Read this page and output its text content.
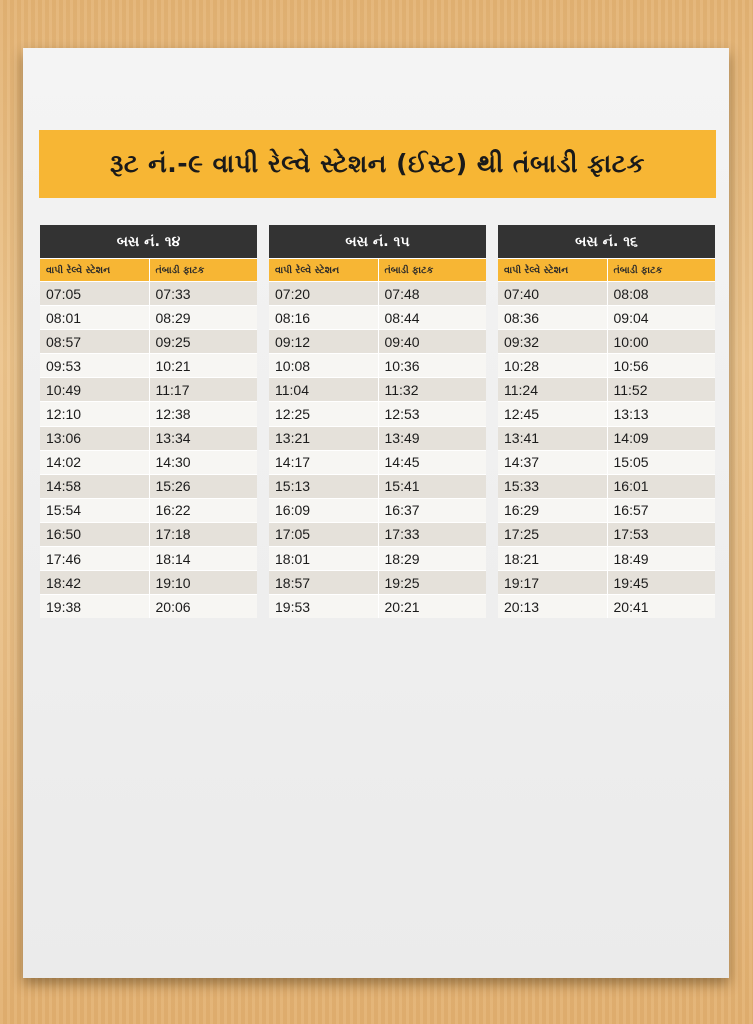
રૂટ નં.-૯ વાપી રેલ્વે સ્ટેશન (ઈસ્ટ) થી તંબાડી ફાટક
બસ નં. ૧૪
વાપી રેલ્વે સ્ટેશન	તંબાડી ફાટક
07:05	07:33
08:01	08:29
08:57	09:25
09:53	10:21
10:49	11:17
12:10	12:38
13:06	13:34
14:02	14:30
14:58	15:26
15:54	16:22
16:50	17:18
17:46	18:14
18:42	19:10
19:38	20:06
બસ નં. ૧૫
વાપી રેલ્વે સ્ટેશન	તંબાડી ફાટક
07:20	07:48
08:16	08:44
09:12	09:40
10:08	10:36
11:04	11:32
12:25	12:53
13:21	13:49
14:17	14:45
15:13	15:41
16:09	16:37
17:05	17:33
18:01	18:29
18:57	19:25
19:53	20:21
બસ નં. ૧૬
વાપી રેલ્વે સ્ટેશન	તંબાડી ફાટક
07:40	08:08
08:36	09:04
09:32	10:00
10:28	10:56
11:24	11:52
12:45	13:13
13:41	14:09
14:37	15:05
15:33	16:01
16:29	16:57
17:25	17:53
18:21	18:49
19:17	19:45
20:13	20:41
